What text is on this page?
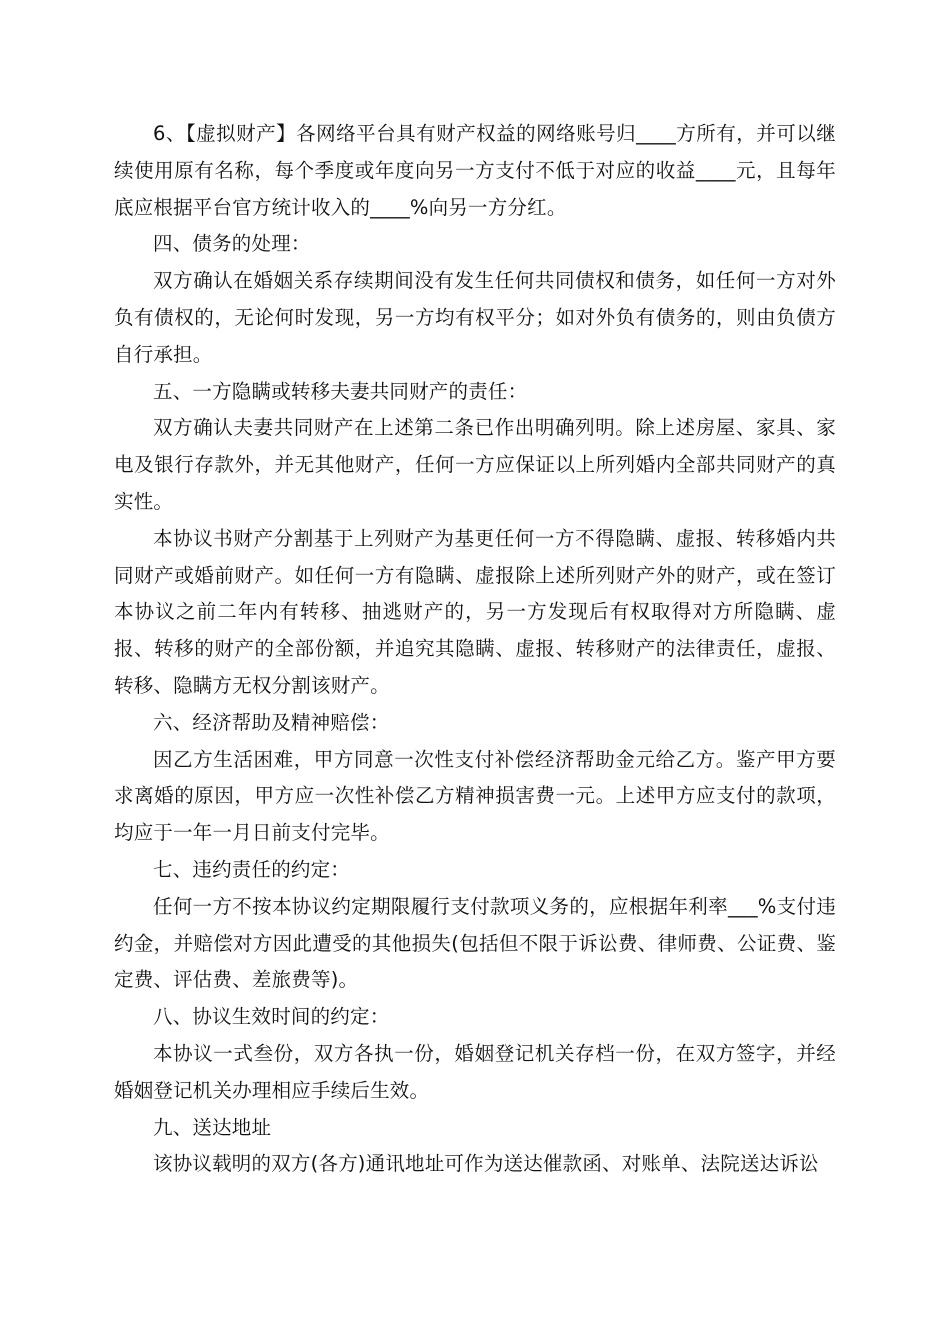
6、【虚拟财产】各网络平台具有财产权益的网络账号归____方所有，并可以继续使用原有名称，每个季度或年度向另一方支付不低于对应的收益____元，且每年底应根据平台官方统计收入的____%向另一方分红。

四、债务的处理：

双方确认在婚姻关系存续期间没有发生任何共同债权和债务，如任何一方对外负有债权的，无论何时发现，另一方均有权平分；如对外负有债务的，则由负债方自行承担。

五、一方隐瞒或转移夫妻共同财产的责任：

双方确认夫妻共同财产在上述第二条已作出明确列明。除上述房屋、家具、家电及银行存款外，并无其他财产，任何一方应保证以上所列婚内全部共同财产的真实性。

本协议书财产分割基于上列财产为基更任何一方不得隐瞒、虚报、转移婚内共同财产或婚前财产。如任何一方有隐瞒、虚报除上述所列财产外的财产，或在签订本协议之前二年内有转移、抽逃财产的，另一方发现后有权取得对方所隐瞒、虚报、转移的财产的全部份额，并追究其隐瞒、虚报、转移财产的法律责任，虚报、转移、隐瞒方无权分割该财产。

六、经济帮助及精神赔偿：

因乙方生活困难，甲方同意一次性支付补偿经济帮助金元给乙方。鉴产甲方要求离婚的原因，甲方应一次性补偿乙方精神损害费一元。上述甲方应支付的款项，均应于一年一月日前支付完毕。

七、违约责任的约定：

任何一方不按本协议约定期限履行支付款项义务的，应根据年利率___%支付违约金，并赔偿对方因此遭受的其他损失(包括但不限于诉讼费、律师费、公证费、鉴定费、评估费、差旅费等)。

八、协议生效时间的约定：

本协议一式叁份，双方各执一份，婚姻登记机关存档一份，在双方签字，并经婚姻登记机关办理相应手续后生效。

九、送达地址

该协议载明的双方(各方)通讯地址可作为送达催款函、对账单、法院送达诉讼
